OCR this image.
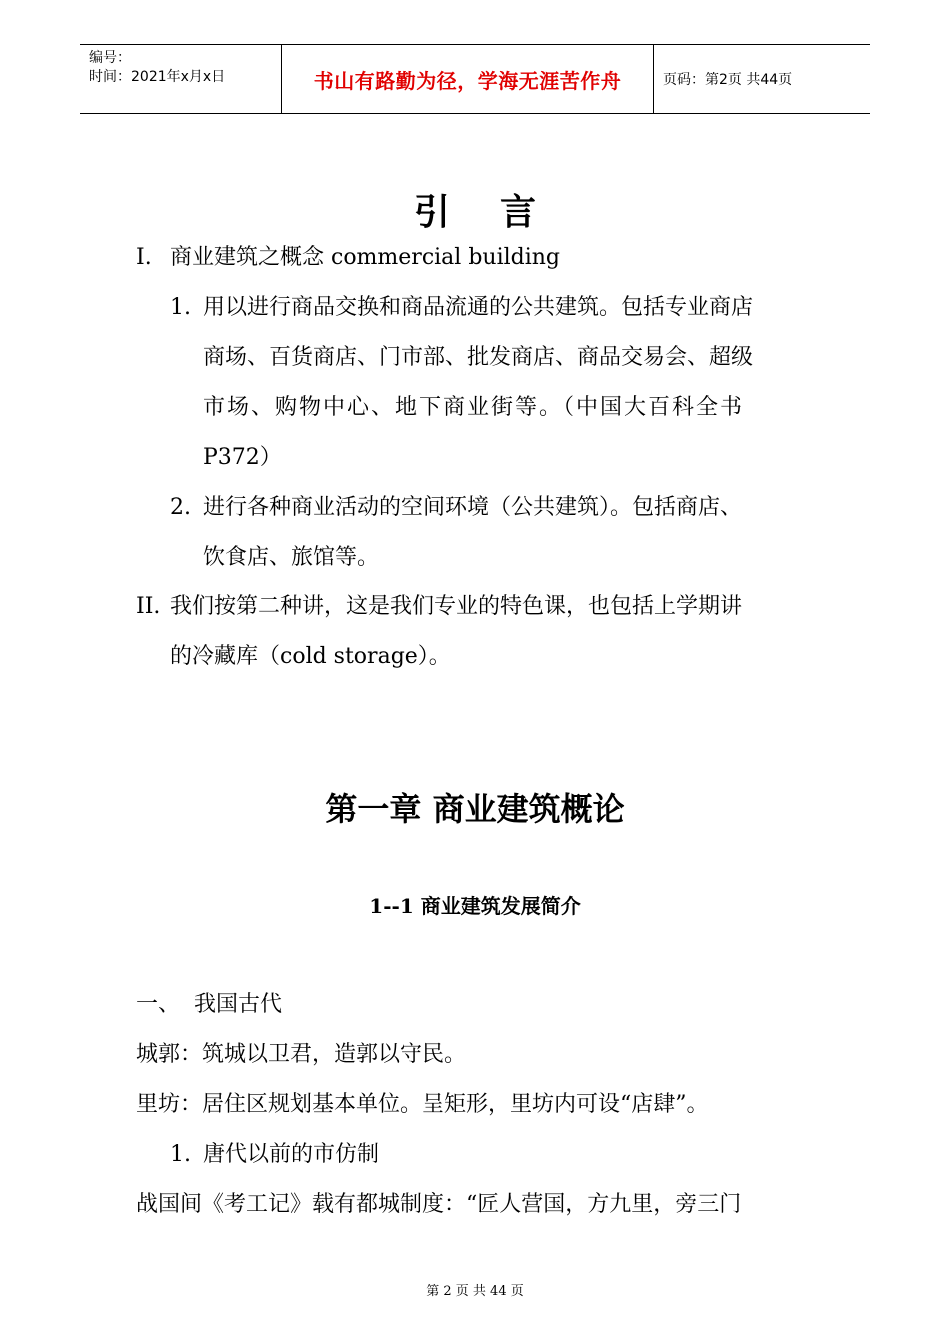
编号：
时间：2021年x月x日	书山有路勤为径，学海无涯苦作舟	页码：第2页 共44页
引言
I. 商业建筑之概念 commercial building
1. 用以进行商品交换和商品流通的公共建筑。包括专业商店
商场、百货商店、门市部、批发商店、商品交易会、超级
市场、购物中心、地下商业街等。（中国大百科全书
P372）
2. 进行各种商业活动的空间环境（公共建筑）。包括商店、
饮食店、旅馆等。
II. 我们按第二种讲，这是我们专业的特色课，也包括上学期讲
的冷藏库（cold storage）。
第一章 商业建筑概论
1--1 商业建筑发展简介
一、 我国古代
城郭：筑城以卫君，造郭以守民。
里坊：居住区规划基本单位。呈矩形，里坊内可设“店肆”。
1. 唐代以前的市仿制
战国间《考工记》载有都城制度：“匠人营国，方九里，旁三门
第 2 页 共 44 页
